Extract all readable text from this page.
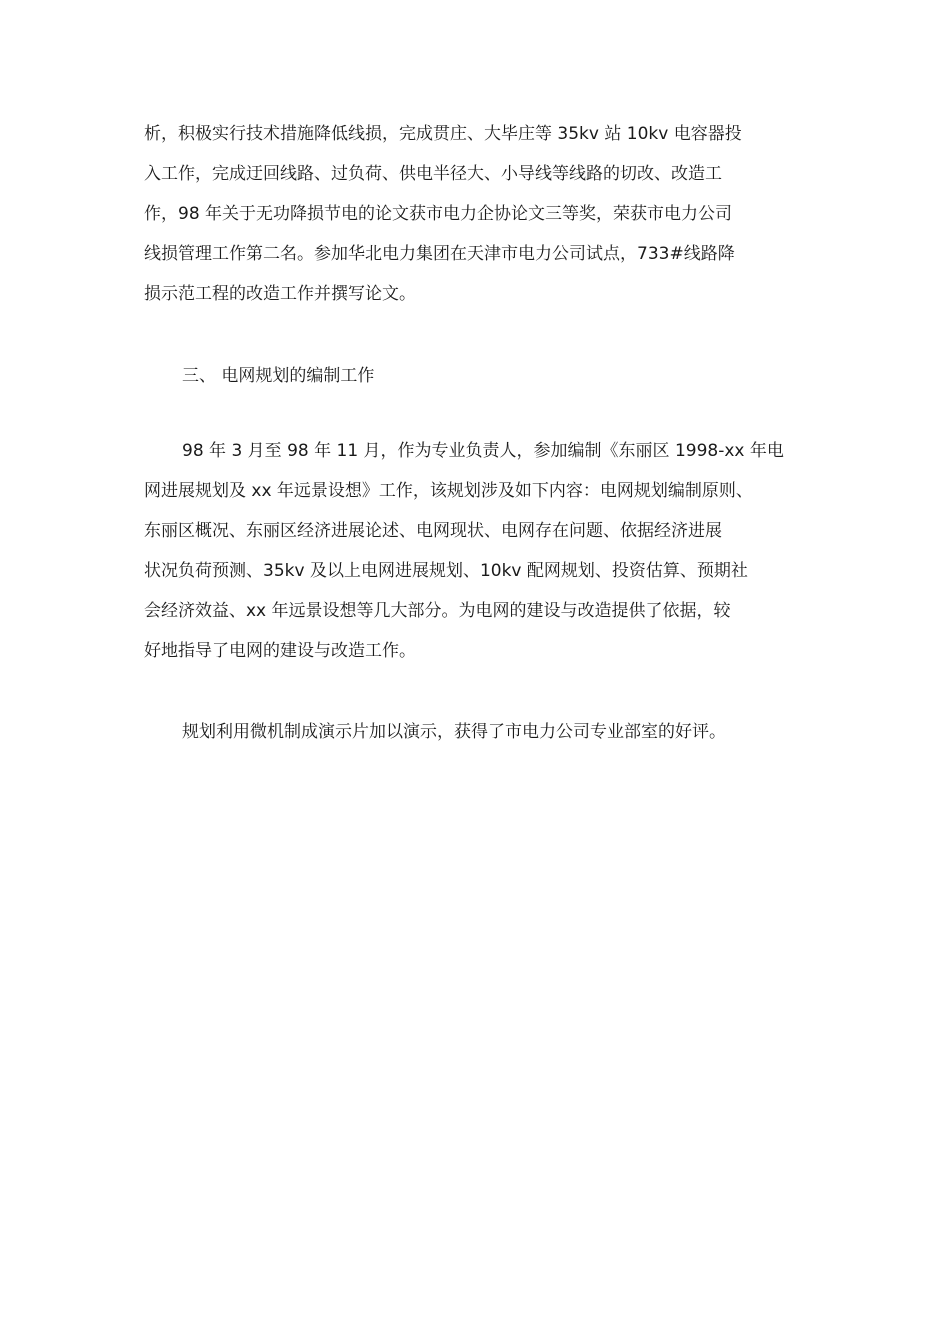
析，积极实行技术措施降低线损，完成贯庄、大毕庄等 35kv 站 10kv 电容器投
入工作，完成迂回线路、过负荷、供电半径大、小导线等线路的切改、改造工
作，98 年关于无功降损节电的论文获市电力企协论文三等奖，荣获市电力公司
线损管理工作第二名。参加华北电力集团在天津市电力公司试点，733#线路降
损示范工程的改造工作并撰写论文。
三、 电网规划的编制工作
98 年 3 月至 98 年 11 月，作为专业负责人，参加编制《东丽区 1998-xx 年电
网进展规划及 xx 年远景设想》工作，该规划涉及如下内容：电网规划编制原则、
东丽区概况、东丽区经济进展论述、电网现状、电网存在问题、依据经济进展
状况负荷预测、35kv 及以上电网进展规划、10kv 配网规划、投资估算、预期社
会经济效益、xx 年远景设想等几大部分。为电网的建设与改造提供了依据，较
好地指导了电网的建设与改造工作。
规划利用微机制成演示片加以演示，获得了市电力公司专业部室的好评。
